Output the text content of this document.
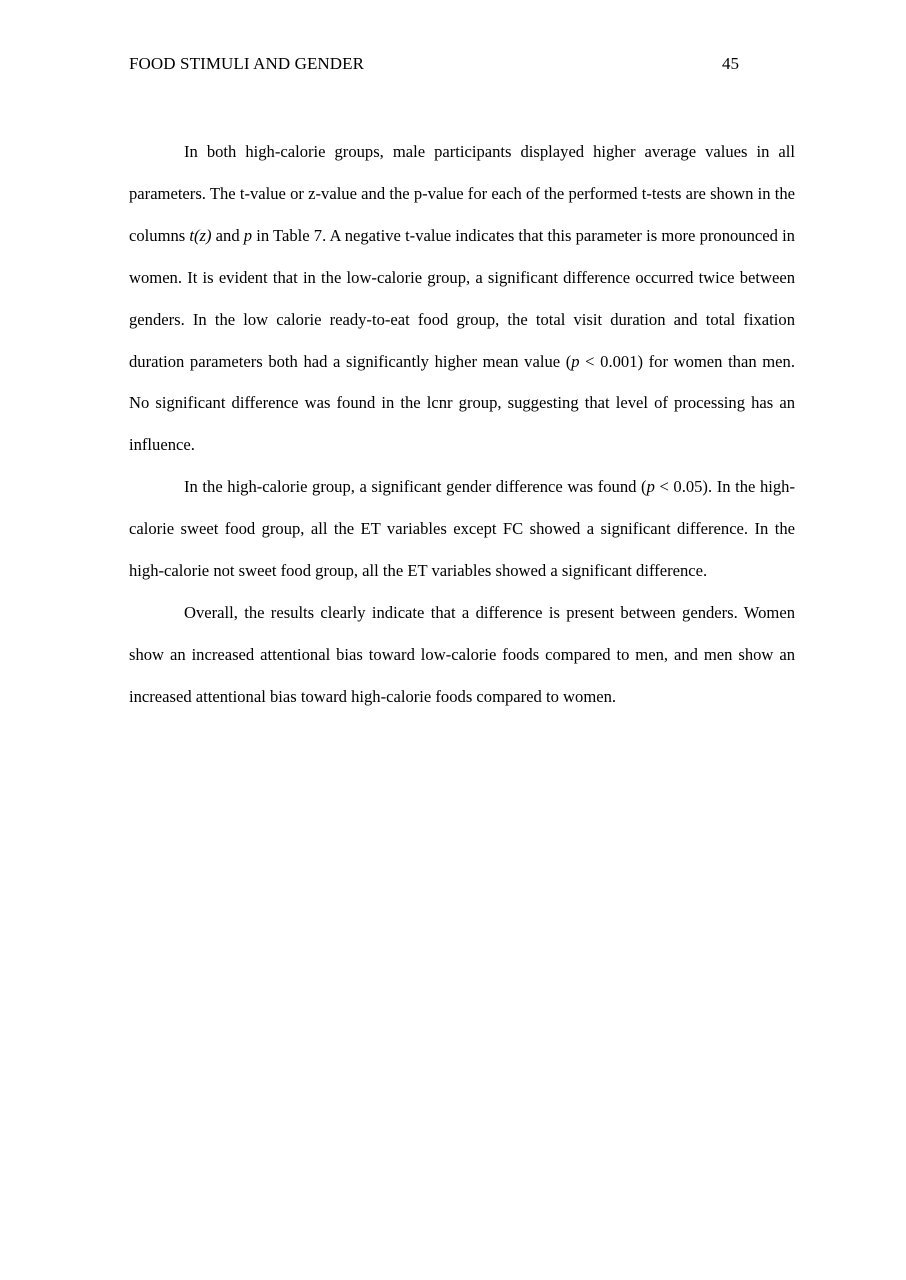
FOOD STIMULI AND GENDER	45

In both high-calorie groups, male participants displayed higher average values in all parameters. The t-value or z-value and the p-value for each of the performed t-tests are shown in the columns t(z) and p in Table 7. A negative t-value indicates that this parameter is more pronounced in women. It is evident that in the low-calorie group, a significant difference occurred twice between genders. In the low calorie ready-to-eat food group, the total visit duration and total fixation duration parameters both had a significantly higher mean value (p < 0.001) for women than men. No significant difference was found in the lcnr group, suggesting that level of processing has an influence.

In the high-calorie group, a significant gender difference was found (p < 0.05). In the high-calorie sweet food group, all the ET variables except FC showed a significant difference. In the high-calorie not sweet food group, all the ET variables showed a significant difference.

Overall, the results clearly indicate that a difference is present between genders. Women show an increased attentional bias toward low-calorie foods compared to men, and men show an increased attentional bias toward high-calorie foods compared to women.
